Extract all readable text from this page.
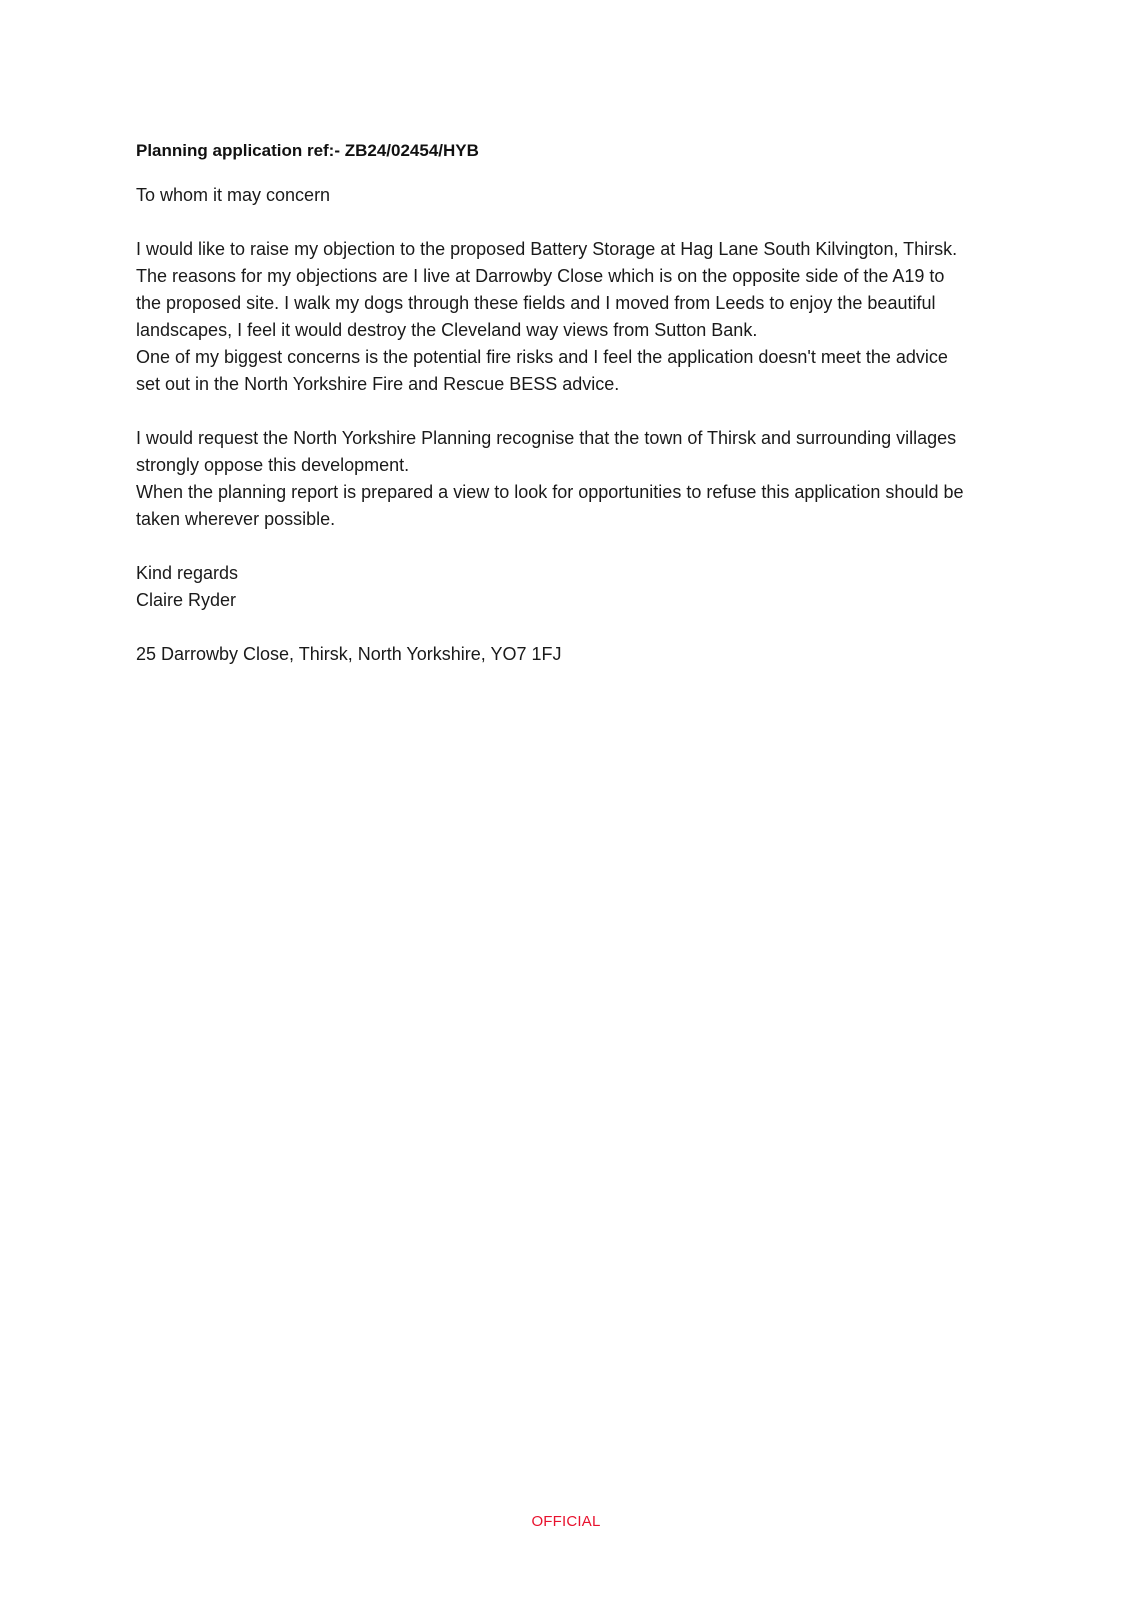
Planning application ref:- ZB24/02454/HYB

To whom it may concern

I would like to raise my objection to the proposed Battery Storage at Hag Lane South Kilvington, Thirsk.

The reasons for my objections are I live at Darrowby Close which is on the opposite side of the A19 to the proposed site. I walk my dogs through these fields and I moved from Leeds to enjoy the beautiful landscapes, I feel it would destroy the Cleveland way views from Sutton Bank.

One of my biggest concerns is the potential fire risks and I feel the application doesn't meet the advice set out in the North Yorkshire Fire and Rescue BESS advice.

I would request the North Yorkshire Planning recognise that the town of Thirsk and surrounding villages strongly oppose this development.

When the planning report is prepared a view to look for opportunities to refuse this application should be taken wherever possible.

Kind regards

Claire Ryder

25 Darrowby Close, Thirsk, North Yorkshire, YO7 1FJ

OFFICIAL
